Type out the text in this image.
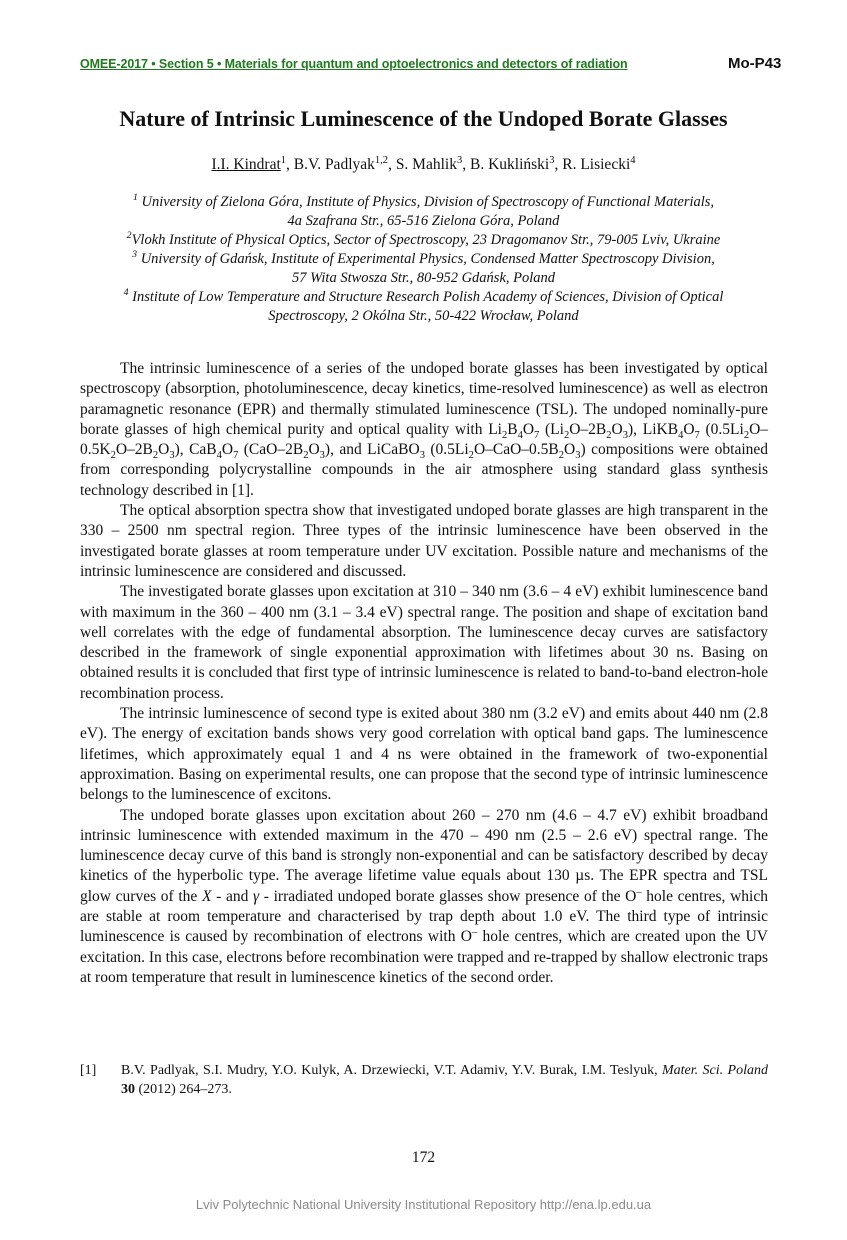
OMEE-2017 • Section 5 • Materials for quantum and optoelectronics and detectors of radiation	Mo-P43
Nature of Intrinsic Luminescence of the Undoped Borate Glasses
I.I. Kindrat$^1$, B.V. Padlyak$^{1,2}$, S. Mahlik$^3$, B. Kukliński$^3$, R. Lisiecki$^4$
$^1$ University of Zielona Góra, Institute of Physics, Division of Spectroscopy of Functional Materials,
4a Szafrana Str., 65-516 Zielona Góra, Poland
$^2$Vlokh Institute of Physical Optics, Sector of Spectroscopy, 23 Dragomanov Str., 79-005 Lviv, Ukraine
$^3$ University of Gdańsk, Institute of Experimental Physics, Condensed Matter Spectroscopy Division,
57 Wita Stwosza Str., 80-952 Gdańsk, Poland
$^4$ Institute of Low Temperature and Structure Research Polish Academy of Sciences, Division of Optical
Spectroscopy, 2 Okólna Str., 50-422 Wrocław, Poland

The intrinsic luminescence of a series of the undoped borate glasses has been investigated by optical spectroscopy (absorption, photoluminescence, decay kinetics, time-resolved luminescence) as well as electron paramagnetic resonance (EPR) and thermally stimulated luminescence (TSL). The undoped nominally-pure borate glasses of high chemical purity and optical quality with $Li_2B_4O_7$ $(Li_2O-2B_2O_3)$, $LiKB_4O_7$ $(0.5Li_2O-0.5K_2O-2B_2O_3)$, $CaB_4O_7$ $(CaO-2B_2O_3)$, and LiCaBO$_3$ $(0.5Li_2O-CaO-0.5B_2O_3)$ compositions were obtained from corresponding polycrystalline compounds in the air atmosphere using standard glass synthesis technology described in [1].

The optical absorption spectra show that investigated undoped borate glasses are high transparent in the 330 – 2500 nm spectral region. Three types of the intrinsic luminescence have been observed in the investigated borate glasses at room temperature under UV excitation. Possible nature and mechanisms of the intrinsic luminescence are considered and discussed.

The investigated borate glasses upon excitation at 310 – 340 nm (3.6 – 4 eV) exhibit luminescence band with maximum in the 360 – 400 nm (3.1 – 3.4 eV) spectral range. The position and shape of excitation band well correlates with the edge of fundamental absorption. The luminescence decay curves are satisfactory described in the framework of single exponential approximation with lifetimes about 30 ns. Basing on obtained results it is concluded that first type of intrinsic luminescence is related to band-to-band electron-hole recombination process.

The intrinsic luminescence of second type is exited about 380 nm (3.2 eV) and emits about 440 nm (2.8 eV). The energy of excitation bands shows very good correlation with optical band gaps. The luminescence lifetimes, which approximately equal 1 and 4 ns were obtained in the framework of two-exponential approximation. Basing on experimental results, one can propose that the second type of intrinsic luminescence belongs to the luminescence of excitons.

The undoped borate glasses upon excitation about 260 – 270 nm (4.6 – 4.7 eV) exhibit broadband intrinsic luminescence with extended maximum in the 470 – 490 nm (2.5 – 2.6 eV) spectral range. The luminescence decay curve of this band is strongly non-exponential and can be satisfactory described by decay kinetics of the hyperbolic type. The average lifetime value equals about 130 µs. The EPR spectra and TSL glow curves of the X - and γ - irradiated undoped borate glasses show presence of the O– hole centres, which are stable at room temperature and characterised by trap depth about 1.0 eV. The third type of intrinsic luminescence is caused by recombination of electrons with O– hole centres, which are created upon the UV excitation. In this case, electrons before recombination were trapped and re-trapped by shallow electronic traps at room temperature that result in luminescence kinetics of the second order.

[1] B.V. Padlyak, S.I. Mudry, Y.O. Kulyk, A. Drzewiecki, V.T. Adamiv, Y.V. Burak, I.M. Teslyuk, Mater. Sci. Poland 30 (2012) 264–273.
172
Lviv Polytechnic National University Institutional Repository http://ena.lp.edu.ua
